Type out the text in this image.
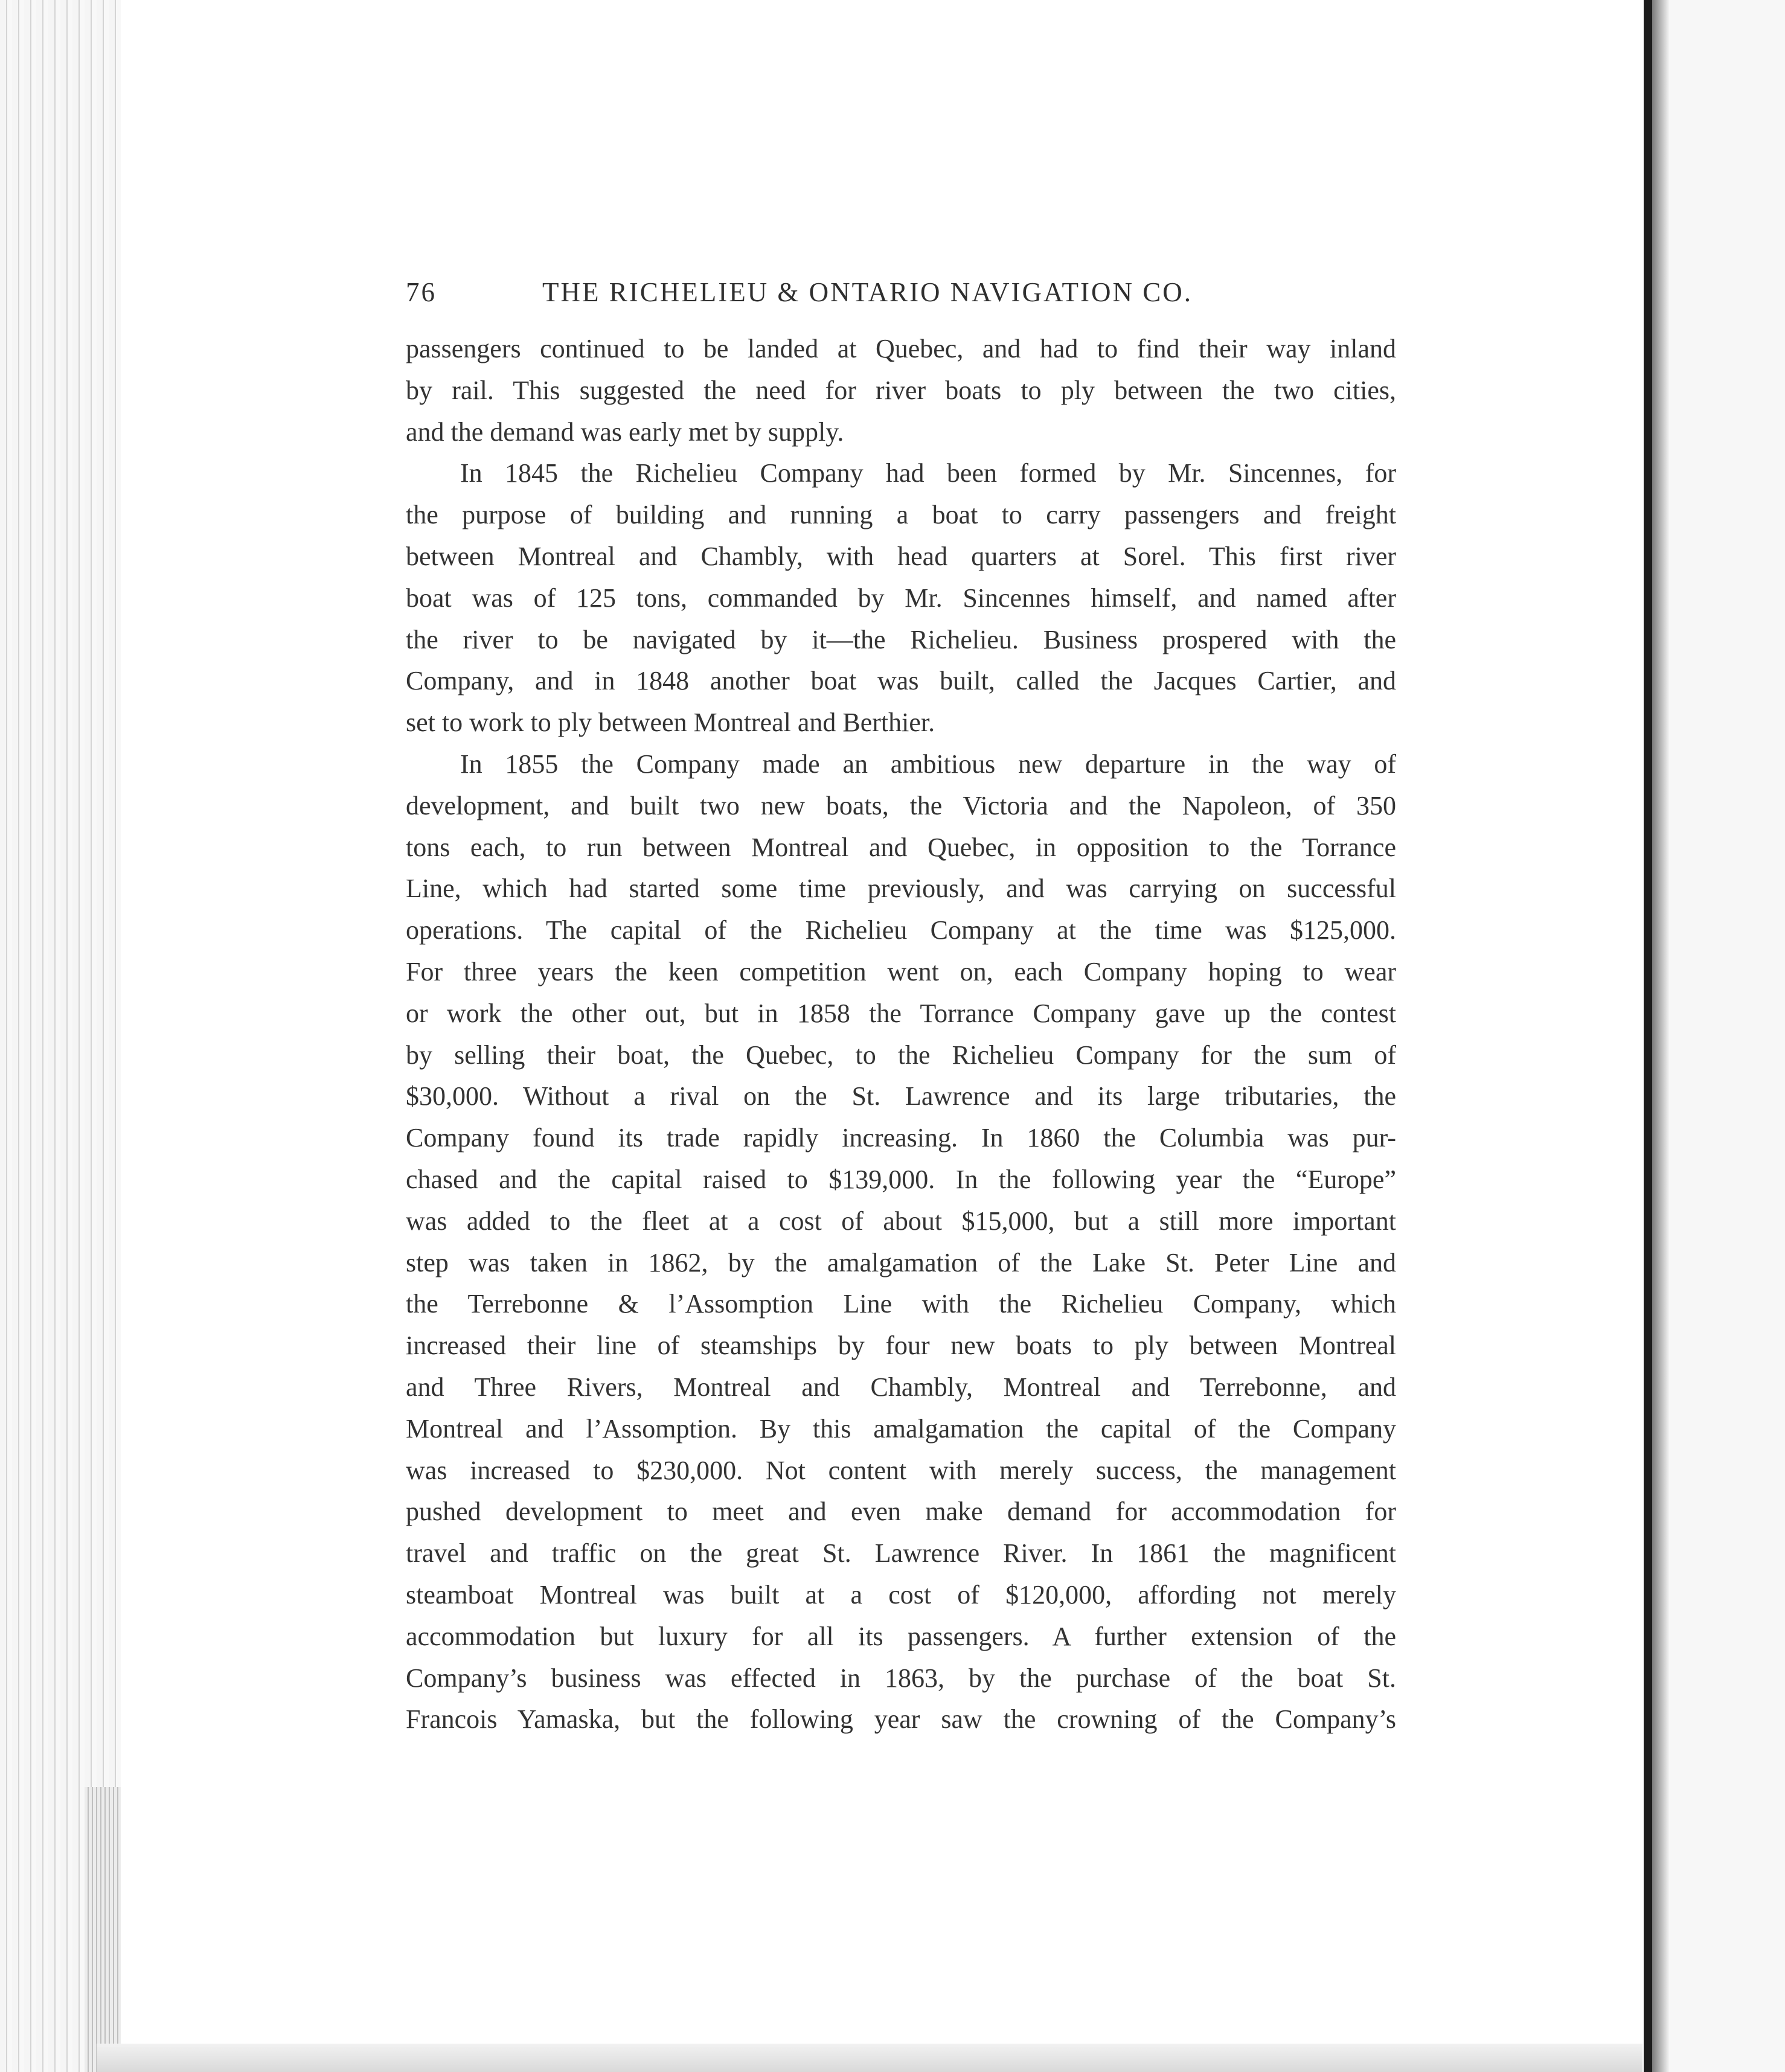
76	THE RICHELIEU & ONTARIO NAVIGATION CO.
passengers continued to be landed at Quebec, and had to find their way inland
by rail. This suggested the need for river boats to ply between the two cities,
and the demand was early met by supply.
In 1845 the Richelieu Company had been formed by Mr. Sincennes, for
the purpose of building and running a boat to carry passengers and freight
between Montreal and Chambly, with head quarters at Sorel. This first river
boat was of 125 tons, commanded by Mr. Sincennes himself, and named after
the river to be navigated by it—the Richelieu. Business prospered with the
Company, and in 1848 another boat was built, called the Jacques Cartier, and
set to work to ply between Montreal and Berthier.
In 1855 the Company made an ambitious new departure in the way of
development, and built two new boats, the Victoria and the Napoleon, of 350
tons each, to run between Montreal and Quebec, in opposition to the Torrance
Line, which had started some time previously, and was carrying on successful
operations. The capital of the Richelieu Company at the time was $125,000.
For three years the keen competition went on, each Company hoping to wear
or work the other out, but in 1858 the Torrance Company gave up the contest
by selling their boat, the Quebec, to the Richelieu Company for the sum of
$30,000. Without a rival on the St. Lawrence and its large tributaries, the
Company found its trade rapidly increasing. In 1860 the Columbia was pur-
chased and the capital raised to $139,000. In the following year the “Europe”
was added to the fleet at a cost of about $15,000, but a still more important
step was taken in 1862, by the amalgamation of the Lake St. Peter Line and
the Terrebonne & l’Assomption Line with the Richelieu Company, which
increased their line of steamships by four new boats to ply between Montreal
and Three Rivers, Montreal and Chambly, Montreal and Terrebonne, and
Montreal and l’Assomption. By this amalgamation the capital of the Company
was increased to $230,000. Not content with merely success, the management
pushed development to meet and even make demand for accommodation for
travel and traffic on the great St. Lawrence River. In 1861 the magnificent
steamboat Montreal was built at a cost of $120,000, affording not merely
accommodation but luxury for all its passengers. A further extension of the
Company’s business was effected in 1863, by the purchase of the boat St.
Francois Yamaska, but the following year saw the crowning of the Company’s
